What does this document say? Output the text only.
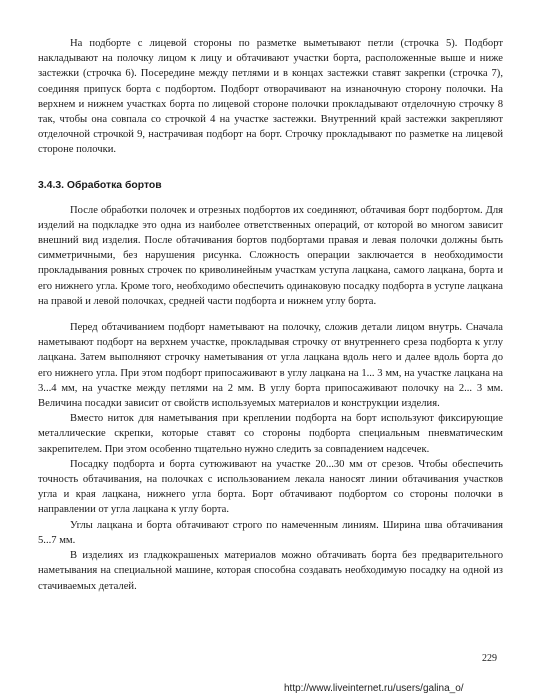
На подборте с лицевой стороны по разметке выметывают петли (строчка 5). Подборт накладывают на полочку лицом к лицу и обтачивают участки борта, расположенные выше и ниже застежки (строчка 6). Посередине между петлями и в концах застежки ставят закрепки (строчка 7), соединяя припуск борта с подбортом. Подборт отворачивают на изнаночную сторону полочки. На верхнем и нижнем участках борта по лицевой стороне полочки прокладывают отделочную строчку 8 так, чтобы она совпала со строчкой 4 на участке застежки. Внутренний край застежки закрепляют отделочной строчкой 9, настрачивая подборт на борт. Строчку прокладывают по разметке на лицевой стороне полочки.

3.4.3. Обработка бортов

После обработки полочек и отрезных подбортов их соединяют, обтачивая борт подбортом. Для изделий на подкладке это одна из наиболее ответственных операций, от которой во многом зависит внешний вид изделия. После обтачивания бортов подбортами правая и левая полочки должны быть симметричными, без нарушения рисунка. Сложность операции заключается в необходимости прокладывания ровных строчек по криволинейным участкам уступа лацкана, самого лацкана, борта и его нижнего угла. Кроме того, необходимо обеспечить одинаковую посадку подборта в уступе лацкана на правой и левой полочках, средней части подборта и нижнем углу борта.

Перед обтачиванием подборт наметывают на полочку, сложив детали лицом внутрь. Сначала наметывают подборт на верхнем участке, прокладывая строчку от внутреннего среза подборта к углу лацкана. Затем выполняют строчку наметывания от угла лацкана вдоль него и далее вдоль борта до его нижнего угла. При этом подборт припосаживают в углу лацкана на 1... 3 мм, на участке лацкана на 3...4 мм, на участке между петлями на 2 мм. В углу борта припосаживают полочку на 2... 3 мм. Величина посадки зависит от свойств используемых материалов и конструкции изделия.

Вместо ниток для наметывания при креплении подборта на борт используют фиксирующие металлические скрепки, которые ставят со стороны подборта специальным пневматическим закрепителем. При этом особенно тщательно нужно следить за совпадением надсечек.

Посадку подборта и борта сутюживают на участке 20...30 мм от срезов. Чтобы обеспечить точность обтачивания, на полочках с использованием лекала наносят линии обтачивания участков угла и края лацкана, нижнего угла борта. Борт обтачивают подбортом со стороны полочки в направлении от угла лацкана к углу борта.

Углы лацкана и борта обтачивают строго по намеченным линиям. Ширина шва обтачивания 5...7 мм.

В изделиях из гладкокрашеных материалов можно обтачивать борта без предварительного наметывания на специальной машине, которая способна создавать необходимую посадку на одной из стачиваемых деталей.

229
http://www.liveinternet.ru/users/galina_o/
